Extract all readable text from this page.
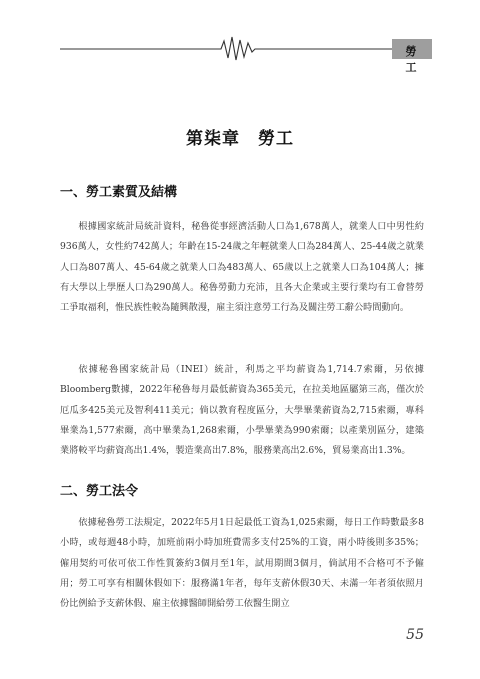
勞 工
第柒章　勞工
一、勞工素質及結構

根據國家統計局統計資料，秘魯從事經濟活動人口為1,678萬人，就業人口中男性約936萬人，女性約742萬人；年齡在15-24歲之年輕就業人口為284萬人、25-44歲之就業人口為807萬人、45-64歲之就業人口為483萬人、65歲以上之就業人口為104萬人；擁有大學以上學歷人口為290萬人。秘魯勞動力充沛，且各大企業或主要行業均有工會替勞工爭取福利，惟民族性較為隨興散漫，雇主須注意勞工行為及關注勞工辭公時間動向。

依據秘魯國家統計局（INEI）統計，利馬之平均薪資為1,714.7索爾，另依據Bloomberg數據，2022年秘魯每月最低薪資為365美元，在拉美地區屬第三高，僅次於厄瓜多425美元及智利411美元；倘以教育程度區分，大學畢業薪資為2,715索爾，專科畢業為1,577索爾，高中畢業為1,268索爾，小學畢業為990索爾；以產業別區分，建築業將較平均薪資高出1.4%，製造業高出7.8%，服務業高出2.6%，貿易業高出1.3%。

二、勞工法令

依據秘魯勞工法規定，2022年5月1日起最低工資為1,025索爾，每日工作時數最多8小時，或每週48小時，加班前兩小時加班費需多支付25%的工資，兩小時後則多35%；僱用契約可依可依工作性質簽約3個月至1年，試用期間3個月，倘試用不合格可不予僱用；勞工可享有相關休假如下：服務滿1年者，每年支薪休假30天、未滿一年者須依照月份比例給予支薪休假、雇主依據醫師開給勞工依醫生開立

55
